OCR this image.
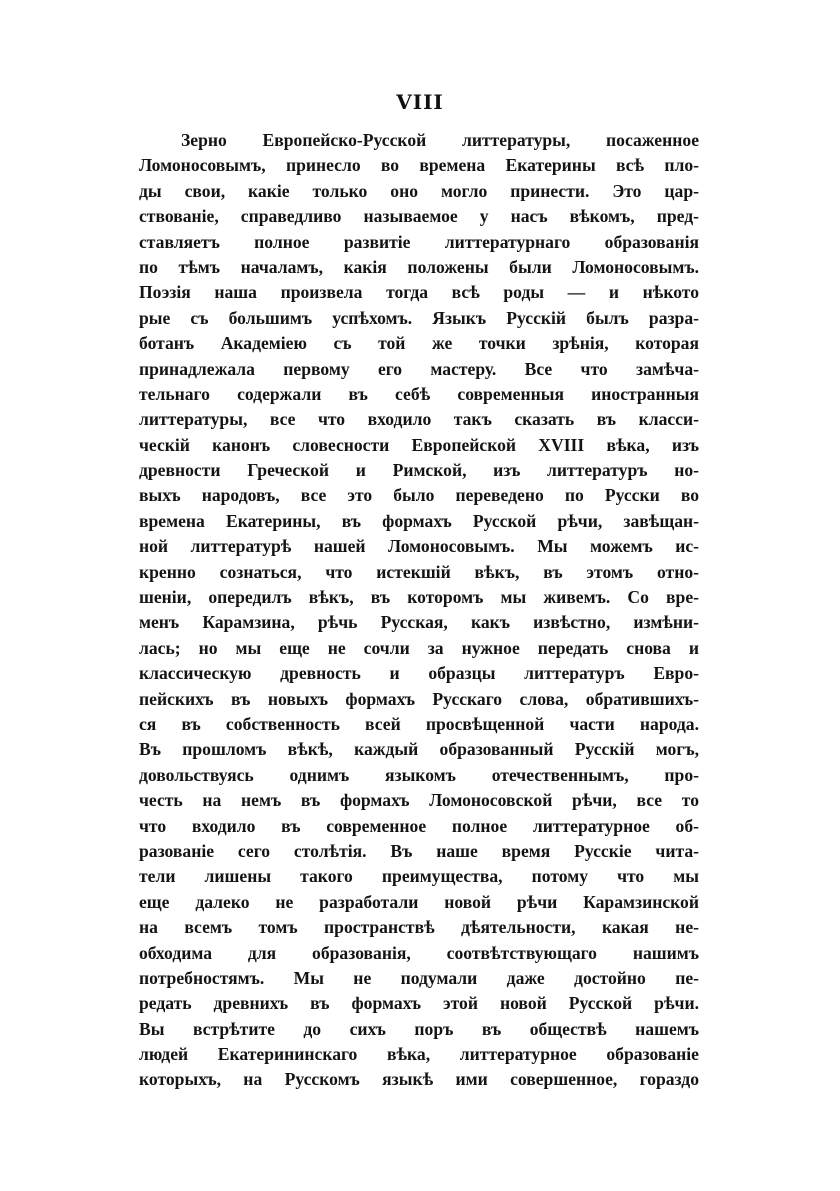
VIII
Зерно Европейско-Русской литтературы, посаженное
Ломоносовымъ, принесло во времена Екатерины всѣ пло-
ды свои, какіе только оно могло принести. Это цар-
ствованіе, справедливо называемое у насъ вѣкомъ, пред-
ставляетъ полное развитіе литтературнаго образованія
по тѣмъ началамъ, какія положены были Ломоносовымъ.
Поэзія наша произвела тогда всѣ роды — и нѣкото
рые съ большимъ успѣхомъ. Языкъ Русскій былъ разра-
ботанъ Академіею съ той же точки зрѣнія, которая
принадлежала первому его мастеру. Все что замѣча-
тельнаго содержали въ себѣ современныя иностранныя
литтературы, все что входило такъ сказать въ класси-
ческій канонъ словесности Европейской XVIII вѣка, изъ
древности Греческой и Римской, изъ литтературъ но-
выхъ народовъ, все это было переведено по Русски во
времена Екатерины, въ формахъ Русской рѣчи, завѣщан-
ной литтературѣ нашей Ломоносовымъ. Мы можемъ ис-
кренно сознаться, что истекшій вѣкъ, въ этомъ отно-
шеніи, опередилъ вѣкъ, въ которомъ мы живемъ. Со вре-
менъ Карамзина, рѣчь Русская, какъ извѣстно, измѣни-
лась; но мы еще не сочли за нужное передать снова и
классическую древность и образцы литтературъ Евро-
пейскихъ въ новыхъ формахъ Русскаго слова, обратившихъ-
ся въ собственность всей просвѣщенной части народа.
Въ прошломъ вѣкѣ, каждый образованный Русскій могъ,
довольствуясь однимъ языкомъ отечественнымъ, про-
честь на немъ въ формахъ Ломоносовской рѣчи, все то
что входило въ современное полное литтературное об-
разованіе сего столѣтія. Въ наше время Русскіе чита-
тели лишены такого преимущества, потому что мы
еще далеко не разработали новой рѣчи Карамзинской
на всемъ томъ пространствѣ дѣятельности, какая не-
обходима для образованія, соотвѣтствующаго нашимъ
потребностямъ. Мы не подумали даже достойно пе-
редать древнихъ въ формахъ этой новой Русской рѣчи.
Вы встрѣтите до сихъ поръ въ обществѣ нашемъ
людей Екатерининскаго вѣка, литтературное образованіе
которыхъ, на Русскомъ языкѣ ими совершенное, гораздо
